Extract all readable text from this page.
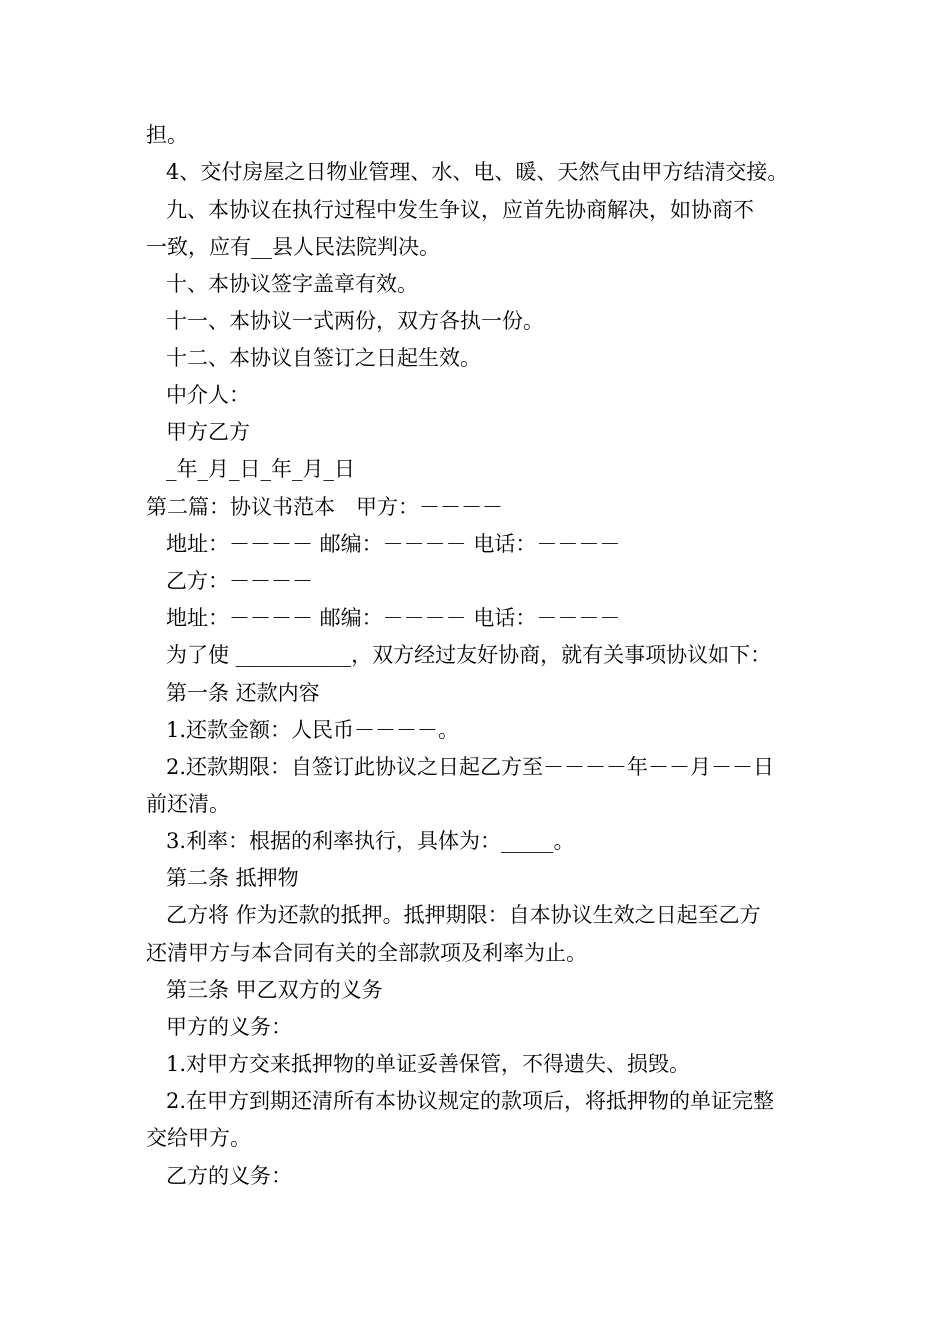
担。
4、交付房屋之日物业管理、水、电、暖、天然气由甲方结清交接。
九、本协议在执行过程中发生争议，应首先协商解决，如协商不
一致，应有__县人民法院判决。
十、本协议签字盖章有效。
十一、本协议一式两份，双方各执一份。
十二、本协议自签订之日起生效。
中介人：
甲方乙方
_年_月_日_年_月_日
第二篇：协议书范本　甲方：－－－－
地址：－－－－ 邮编：－－－－ 电话：－－－－
乙方：－－－－
地址：－－－－ 邮编：－－－－ 电话：－－－－
为了使 ___________，双方经过友好协商，就有关事项协议如下：
第一条 还款内容
1.还款金额：人民币－－－－。
2.还款期限：自签订此协议之日起乙方至－－－－年－－月－－日
前还清。
3.利率：根据的利率执行，具体为：_____。
第二条 抵押物
乙方将 作为还款的抵押。抵押期限：自本协议生效之日起至乙方
还清甲方与本合同有关的全部款项及利率为止。
第三条 甲乙双方的义务
甲方的义务：
1.对甲方交来抵押物的单证妥善保管，不得遗失、损毁。
2.在甲方到期还清所有本协议规定的款项后，将抵押物的单证完整
交给甲方。
乙方的义务：
